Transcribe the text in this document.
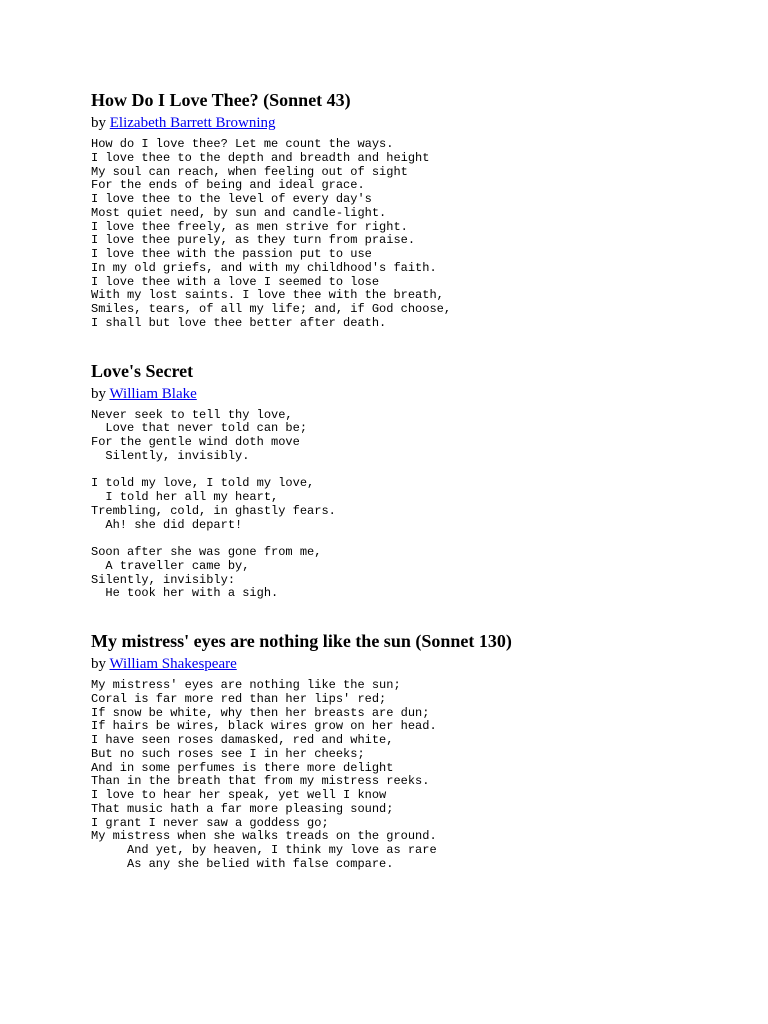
How Do I Love Thee? (Sonnet 43)

by Elizabeth Barrett Browning

How do I love thee? Let me count the ways.
I love thee to the depth and breadth and height
My soul can reach, when feeling out of sight
For the ends of being and ideal grace.
I love thee to the level of every day's
Most quiet need, by sun and candle-light.
I love thee freely, as men strive for right.
I love thee purely, as they turn from praise.
I love thee with the passion put to use
In my old griefs, and with my childhood's faith.
I love thee with a love I seemed to lose
With my lost saints. I love thee with the breath,
Smiles, tears, of all my life; and, if God choose,
I shall but love thee better after death.
Love's Secret

by William Blake

Never seek to tell thy love,
Love that never told can be;
For the gentle wind doth move
Silently, invisibly.
I told my love, I told my love,
I told her all my heart,
Trembling, cold, in ghastly fears.
Ah! she did depart!
Soon after she was gone from me,
A traveller came by,
Silently, invisibly:
He took her with a sigh.
My mistress' eyes are nothing like the sun (Sonnet 130)

by William Shakespeare

My mistress' eyes are nothing like the sun;
Coral is far more red than her lips' red;
If snow be white, why then her breasts are dun;
If hairs be wires, black wires grow on her head.
I have seen roses damasked, red and white,
But no such roses see I in her cheeks;
And in some perfumes is there more delight
Than in the breath that from my mistress reeks.
I love to hear her speak, yet well I know
That music hath a far more pleasing sound;
I grant I never saw a goddess go;
My mistress when she walks treads on the ground.
And yet, by heaven, I think my love as rare
As any she belied with false compare.
